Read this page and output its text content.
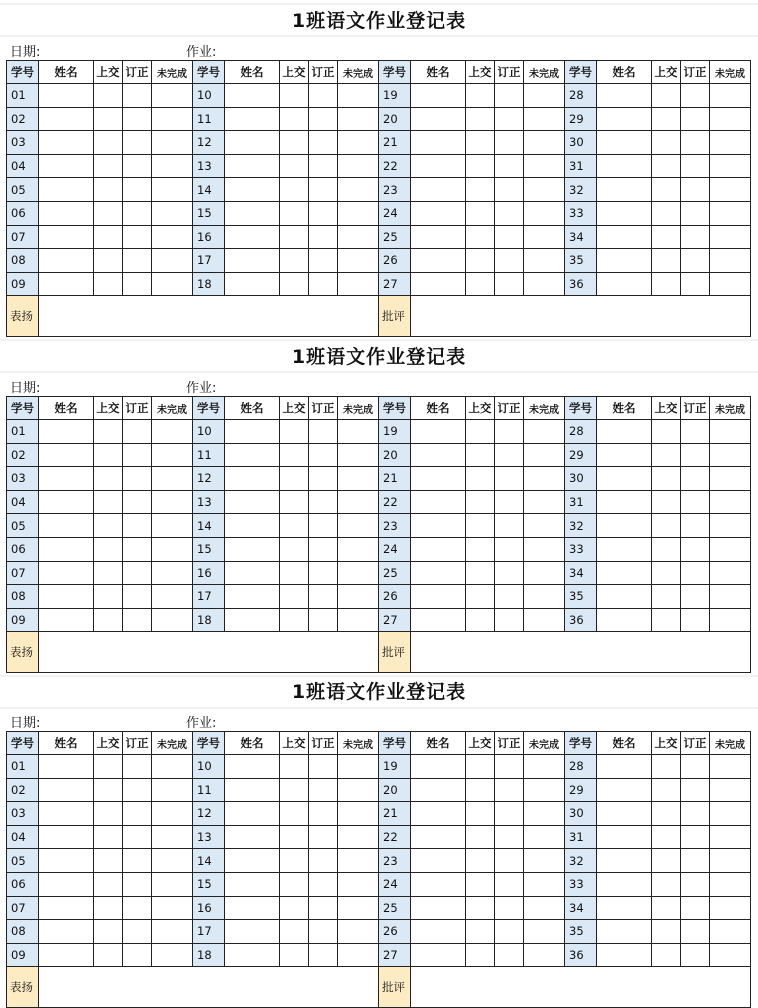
1班语文作业登记表
日期:	作业:
学号	姓名	上交	订正	未完成	学号	姓名	上交	订正	未完成	学号	姓名	上交	订正	未完成	学号	姓名	上交	订正	未完成
01					10					19					28				
02					11					20					29				
03					12					21					30				
04					13					22					31				
05					14					23					32				
06					15					24					33				
07					16					25					34				
08					17					26					35				
09					18					27					36				
表扬										批评									
1班语文作业登记表
日期:	作业:
学号	姓名	上交	订正	未完成	学号	姓名	上交	订正	未完成	学号	姓名	上交	订正	未完成	学号	姓名	上交	订正	未完成
01					10					19					28				
02					11					20					29				
03					12					21					30				
04					13					22					31				
05					14					23					32				
06					15					24					33				
07					16					25					34				
08					17					26					35				
09					18					27					36				
表扬										批评									
1班语文作业登记表
日期:	作业:
学号	姓名	上交	订正	未完成	学号	姓名	上交	订正	未完成	学号	姓名	上交	订正	未完成	学号	姓名	上交	订正	未完成
01					10					19					28				
02					11					20					29				
03					12					21					30				
04					13					22					31				
05					14					23					32				
06					15					24					33				
07					16					25					34				
08					17					26					35				
09					18					27					36				
表扬										批评									
